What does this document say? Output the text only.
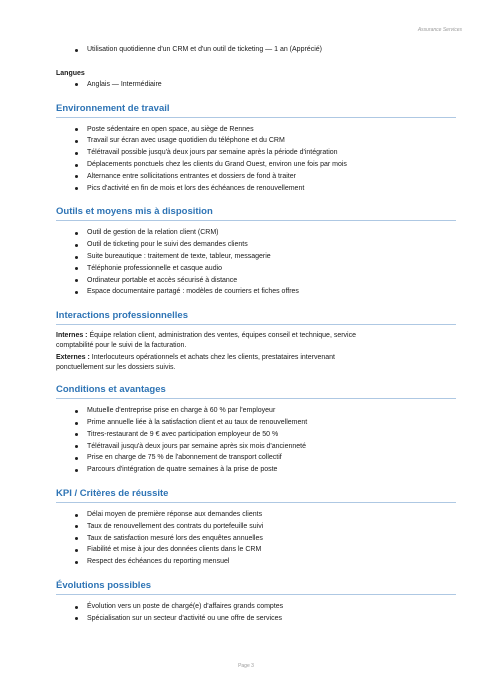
Assurance Services
Utilisation quotidienne d'un CRM et d'un outil de ticketing — 1 an (Apprécié)
Langues
Anglais — Intermédiaire
Environnement de travail
Poste sédentaire en open space, au siège de Rennes
Travail sur écran avec usage quotidien du téléphone et du CRM
Télétravail possible jusqu'à deux jours par semaine après la période d'intégration
Déplacements ponctuels chez les clients du Grand Ouest, environ une fois par mois
Alternance entre sollicitations entrantes et dossiers de fond à traiter
Pics d'activité en fin de mois et lors des échéances de renouvellement
Outils et moyens mis à disposition
Outil de gestion de la relation client (CRM)
Outil de ticketing pour le suivi des demandes clients
Suite bureautique : traitement de texte, tableur, messagerie
Téléphonie professionnelle et casque audio
Ordinateur portable et accès sécurisé à distance
Espace documentaire partagé : modèles de courriers et fiches offres
Interactions professionnelles
Internes : Équipe relation client, administration des ventes, équipes conseil et technique, service
comptabilité pour le suivi de la facturation.
Externes : Interlocuteurs opérationnels et achats chez les clients, prestataires intervenant
ponctuellement sur les dossiers suivis.
Conditions et avantages
Mutuelle d'entreprise prise en charge à 60 % par l'employeur
Prime annuelle liée à la satisfaction client et au taux de renouvellement
Titres-restaurant de 9 € avec participation employeur de 50 %
Télétravail jusqu'à deux jours par semaine après six mois d'ancienneté
Prise en charge de 75 % de l'abonnement de transport collectif
Parcours d'intégration de quatre semaines à la prise de poste
KPI / Critères de réussite
Délai moyen de première réponse aux demandes clients
Taux de renouvellement des contrats du portefeuille suivi
Taux de satisfaction mesuré lors des enquêtes annuelles
Fiabilité et mise à jour des données clients dans le CRM
Respect des échéances du reporting mensuel
Évolutions possibles
Évolution vers un poste de chargé(e) d'affaires grands comptes
Spécialisation sur un secteur d'activité ou une offre de services
Page 3
